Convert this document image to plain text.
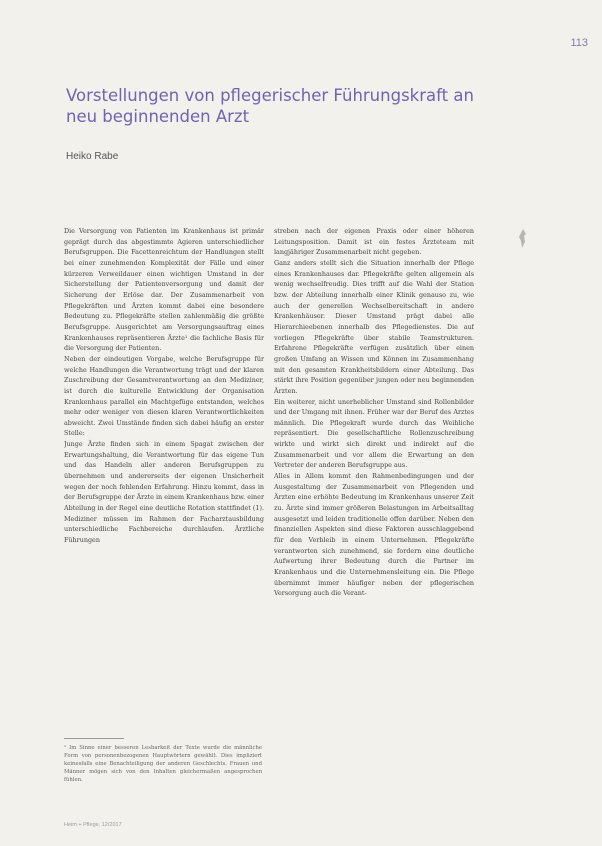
113
Vorstellungen von pflegerischer Führungskraft an neu beginnenden Arzt
Heiko Rabe

Die Versorgung von Patienten im Krankenhaus ist primär geprägt durch das abgestimmte Agieren unterschiedlicher Berufsgruppen. Die Facettenreichtum der Handlungen stellt bei einer zunehmenden Komplexität der Fälle und einer kürzeren Verweildauer einen wichtigen Umstand in der Sicherstellung der Patientenversorgung und damit der Sicherung der Erlöse dar. Der Zusammenarbeit von Pflegekräften und Ärzten kommt dabei eine besondere Bedeutung zu. Pflegekräfte stellen zahlenmäßig die größte Berufsgruppe. Ausgerichtet am Versorgungsauftrag eines Krankenhauses repräsentieren Ärzte¹ die fachliche Basis für die Versorgung der Patienten.

Neben der eindeutigen Vorgabe, welche Berufsgruppe für welche Handlungen die Verantwortung trägt und der klaren Zuschreibung der Gesamtverantwortung an den Mediziner, ist durch die kulturelle Entwicklung der Organisation Krankenhaus parallel ein Machtgefüge entstanden, welches mehr oder weniger von diesen klaren Verantwortlichkeiten abweicht. Zwei Umstände finden sich dabei häufig an erster Stelle:

Junge Ärzte finden sich in einem Spagat zwischen der Erwartungshaltung, die Verantwortung für das eigene Tun und das Handeln aller anderen Berufsgruppen zu übernehmen und andererseits der eigenen Unsicherheit wegen der noch fehlenden Erfahrung. Hinzu kommt, dass in der Berufsgruppe der Ärzte in einem Krankenhaus bzw. einer Abteilung in der Regel eine deutliche Rotation stattfindet (1). Mediziner müssen im Rahmen der Facharztausbildung unterschiedliche Fachbereiche durchlaufen. Ärztliche Führungen

streben nach der eigenen Praxis oder einer höheren Leitungsposition. Damit ist ein festes Ärzteteam mit langjähriger Zusammenarbeit nicht gegeben.

Ganz anders stellt sich die Situation innerhalb der Pflege eines Krankenhauses dar. Pflegekräfte gelten allgemein als wenig wechselfreudig. Dies trifft auf die Wahl der Station bzw. der Abteilung innerhalb einer Klinik genauso zu, wie auch der generellen Wechselbereitschaft in andere Krankenhäuser. Dieser Umstand prägt dabei alle Hierarchieebenen innerhalb des Pflegedienstes. Die auf vorliegen Pflegekräfte über stabile Teamstrukturen. Erfahrene Pflegekräfte verfügen zusätzlich über einen großen Umfang an Wissen und Können im Zusammenhang mit den gesamten Krankheitsbildern einer Abteilung. Das stärkt ihre Position gegenüber jungen oder neu beginnenden Ärzten.

Ein weiterer, nicht unerheblicher Umstand sind Rollenbilder und der Umgang mit ihnen. Früher war der Beruf des Arztes männlich. Die Pflegekraft wurde durch das Weibliche repräsentiert. Die gesellschaftliche Rollenzuschreibung wirkte und wirkt sich direkt und indirekt auf die Zusammenarbeit und vor allem die Erwartung an den Vertreter der anderen Berufsgruppe aus.

Alles in Allem kommt den Rahmenbedingungen und der Ausgestaltung der Zusammenarbeit von Pflegenden und Ärzten eine erhöhte Bedeutung im Krankenhaus unserer Zeit zu. Ärzte sind immer größeren Belastungen im Arbeitsalltag ausgesetzt und leiden traditionelle offen darüber. Neben den finanziellen Aspekten sind diese Faktoren ausschlaggebend für den Verbleib in einem Unternehmen. Pflegekräfte verantworten sich zunehmend, sie fordern eine deutliche Aufwertung ihrer Bedeutung durch die Partner im Krankenhaus und die Unternehmensleitung ein. Die Pflege übernimmt immer häufiger neben der pflegerischen Versorgung auch die Verant-

¹ Im Sinne einer besseren Lesbarkeit der Texte wurde die männliche Form von personenbezogenen Hauptwörtern gewählt. Dies impliziert keinesfalls eine Benachteiligung der anderen Geschlechts. Frauen und Männer mögen sich von den Inhalten gleichermaßen angesprochen fühlen.
Heim + Pflege, 12/2017
